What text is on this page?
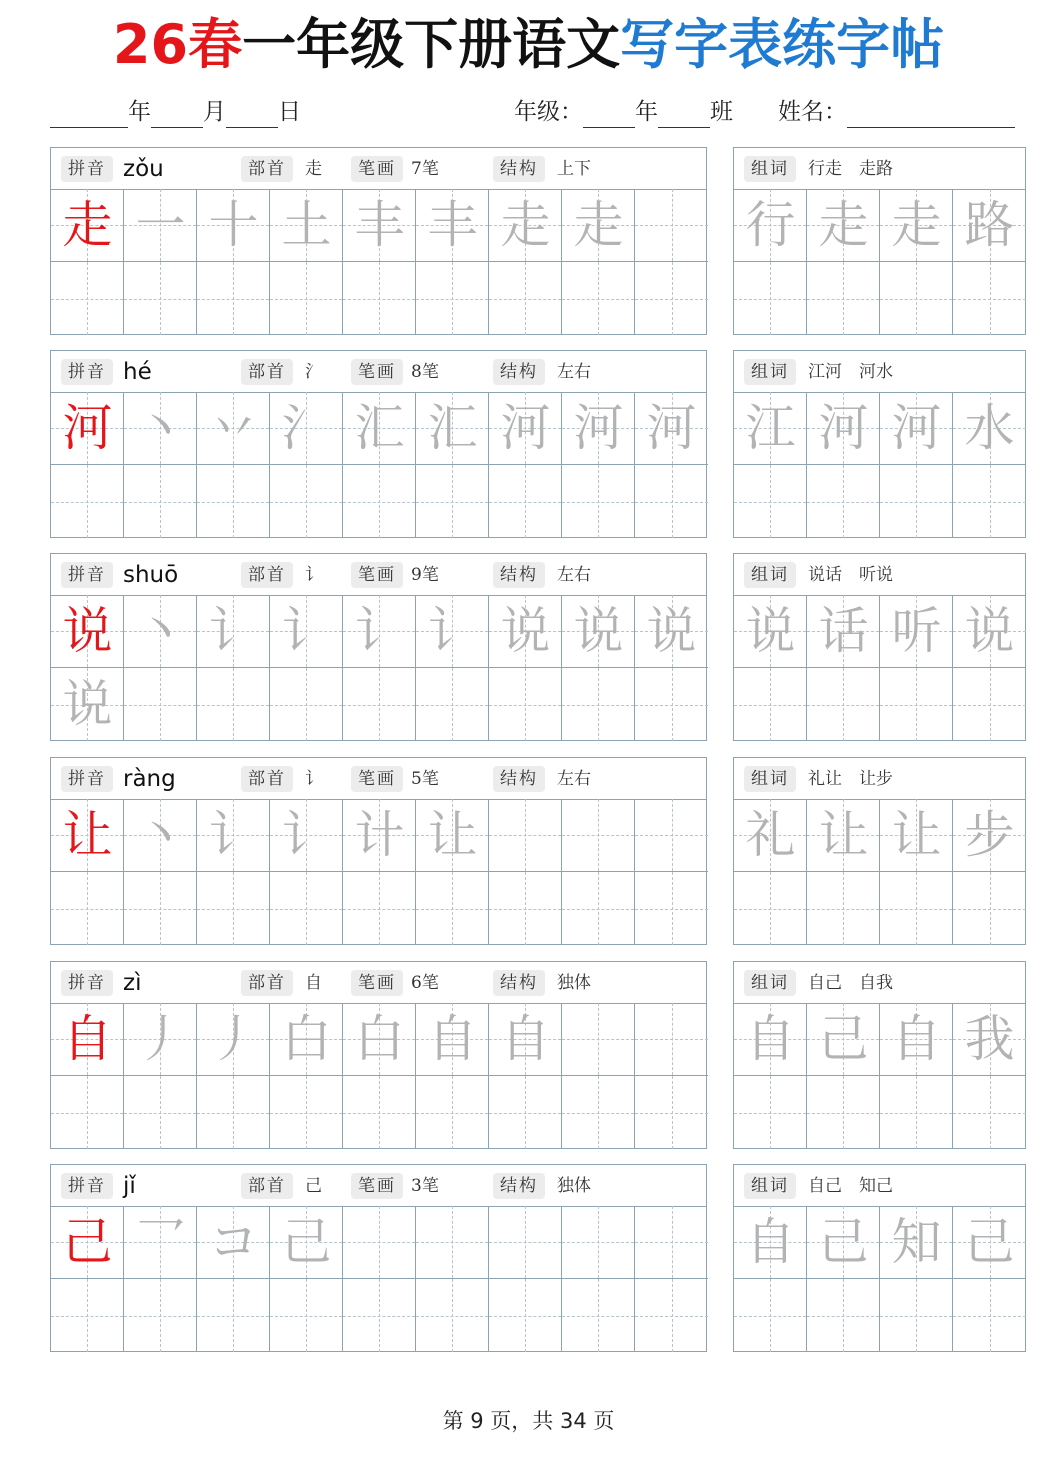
26春一年级下册语文写字表练字帖
年 月 日	年级： 年 班 姓名：
拼音 zǒu	部首	走	笔画 7笔	结构	上下
走 一 十 土 丰 丰 走 走
组词	行走　走路
行 走 走 路
拼音 hé	部首	氵	笔画 8笔	结构	左右
河 丶 丷 氵 汇 汇 河 河 河
组词	江河　河水
江 河 河 水
拼音 shuō	部首	讠	笔画 9笔	结构	左右
说 丶 讠 讠 讠 讠 说 说 说
说
组词	说话　听说
说 话 听 说
拼音 ràng	部首	讠	笔画 5笔	结构	左右
让 丶 讠 讠 计 让
组词	礼让　让步
礼 让 让 步
拼音 zì	部首	自	笔画 6笔	结构	独体
自 丿 丿 白 白 自 自
组词	自己　自我
自 己 自 我
拼音 jǐ	部首	己	笔画 3笔	结构	独体
己 乛 コ 己
组词	自己　知己
自 己 知 己
第 9 页，共 34 页
